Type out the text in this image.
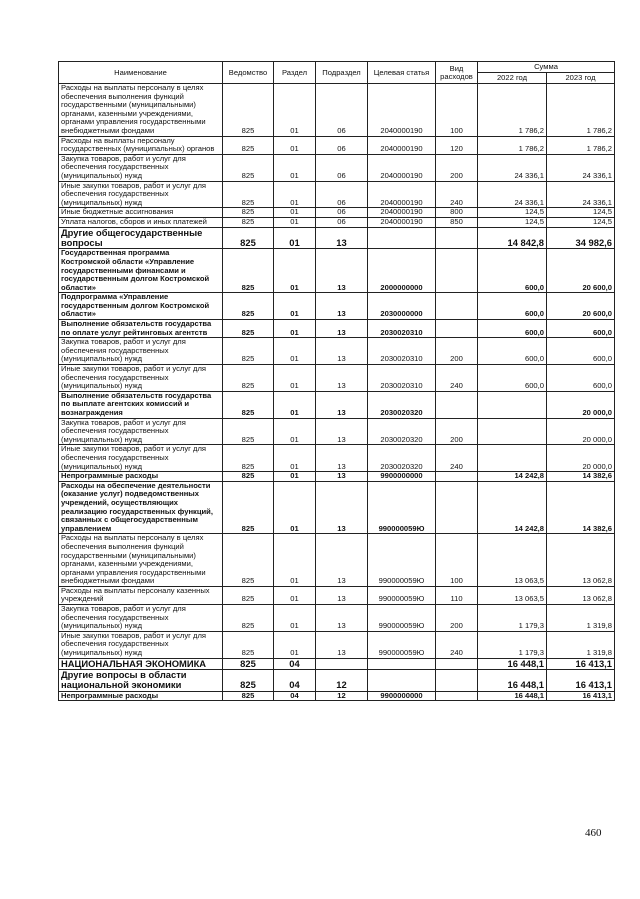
Наименование	Ведомство	Раздел	Подраздел	Целевая статья	Вид расходов	Сумма	
						2022 год	2023 год
Расходы на выплаты персоналу в целях обеспечения выполнения функций государственными (муниципальными) органами, казенными учреждениями, органами управления государственными внебюджетными фондами	825	01	06	2040000190	100	1 786,2	1 786,2
Расходы на выплаты персоналу государственных (муниципальных) органов	825	01	06	2040000190	120	1 786,2	1 786,2
Закупка товаров, работ и услуг для обеспечения государственных (муниципальных) нужд	825	01	06	2040000190	200	24 336,1	24 336,1
Иные закупки товаров, работ и услуг для обеспечения государственных (муниципальных) нужд	825	01	06	2040000190	240	24 336,1	24 336,1
Иные бюджетные ассигнования	825	01	06	2040000190	800	124,5	124,5
Уплата налогов, сборов и иных платежей	825	01	06	2040000190	850	124,5	124,5
Другие общегосударственные вопросы	825	01	13			14 842,8	34 982,6
Государственная программа Костромской области «Управление государственными финансами и государственным долгом Костромской области»	825	01	13	2000000000		600,0	20 600,0
Подпрограмма «Управление государственным долгом Костромской области»	825	01	13	2030000000		600,0	20 600,0
Выполнение обязательств государства по оплате услуг рейтинговых агентств	825	01	13	2030020310		600,0	600,0
Закупка товаров, работ и услуг для обеспечения государственных (муниципальных) нужд	825	01	13	2030020310	200	600,0	600,0
Иные закупки товаров, работ и услуг для обеспечения государственных (муниципальных) нужд	825	01	13	2030020310	240	600,0	600,0
Выполнение обязательств государства по выплате агентских комиссий и вознаграждения	825	01	13	2030020320			20 000,0
Закупка товаров, работ и услуг для обеспечения государственных (муниципальных) нужд	825	01	13	2030020320	200		20 000,0
Иные закупки товаров, работ и услуг для обеспечения государственных (муниципальных) нужд	825	01	13	2030020320	240		20 000,0
Непрограммные расходы	825	01	13	9900000000		14 242,8	14 382,6
Расходы на обеспечение деятельности (оказание услуг) подведомственных учреждений, осуществляющих реализацию государственных функций, связанных с общегосударственным управлением	825	01	13	990000059Ю		14 242,8	14 382,6
Расходы на выплаты персоналу в целях обеспечения выполнения функций государственными (муниципальными) органами, казенными учреждениями, органами управления государственными внебюджетными фондами	825	01	13	990000059Ю	100	13 063,5	13 062,8
Расходы на выплаты персоналу казенных учреждений	825	01	13	990000059Ю	110	13 063,5	13 062,8
Закупка товаров, работ и услуг для обеспечения государственных (муниципальных) нужд	825	01	13	990000059Ю	200	1 179,3	1 319,8
Иные закупки товаров, работ и услуг для обеспечения государственных (муниципальных) нужд	825	01	13	990000059Ю	240	1 179,3	1 319,8
НАЦИОНАЛЬНАЯ ЭКОНОМИКА	825	04				16 448,1	16 413,1
Другие вопросы в области национальной экономики	825	04	12			16 448,1	16 413,1
Непрограммные расходы	825	04	12	9900000000		16 448,1	16 413,1
460
